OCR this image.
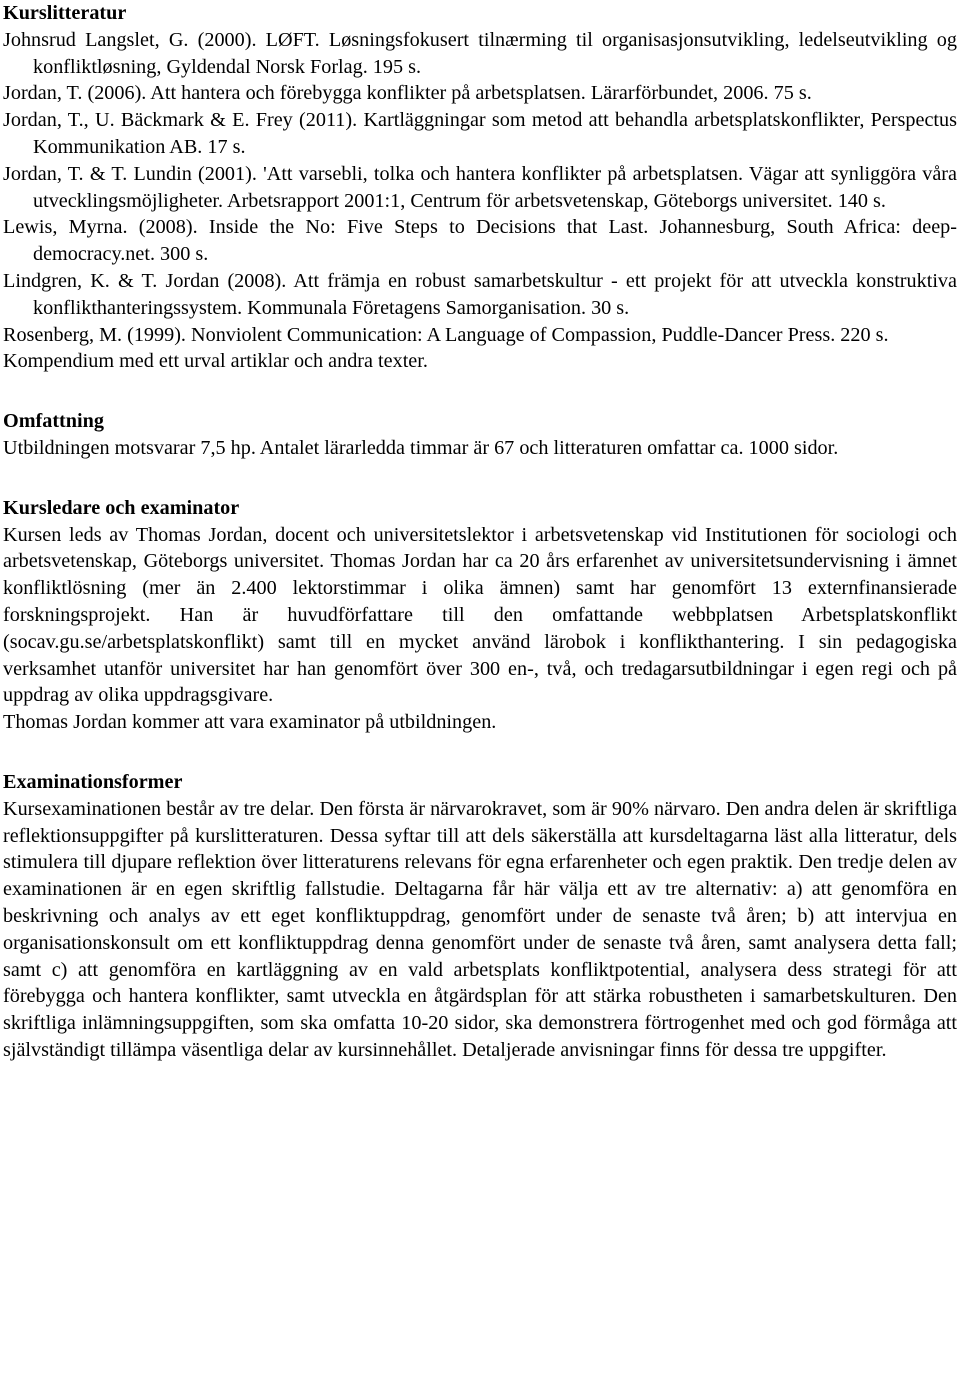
Kurslitteratur

Johnsrud Langslet, G. (2000). LØFT. Løsningsfokusert tilnærming til organisasjonsutvikling, ledelseutvikling og konfliktløsning, Gyldendal Norsk Forlag. 195 s.

Jordan, T. (2006). Att hantera och förebygga konflikter på arbetsplatsen. Lärarförbundet, 2006. 75 s.

Jordan, T., U. Bäckmark & E. Frey (2011). Kartläggningar som metod att behandla arbetsplatskonflikter, Perspectus Kommunikation AB. 17 s.

Jordan, T. & T. Lundin (2001). 'Att varsebli, tolka och hantera konflikter på arbetsplatsen. Vägar att synliggöra våra utvecklingsmöjligheter. Arbetsrapport 2001:1, Centrum för arbetsvetenskap, Göteborgs universitet. 140 s.

Lewis, Myrna. (2008). Inside the No: Five Steps to Decisions that Last. Johannesburg, South Africa: deep-democracy.net. 300 s.

Lindgren, K. & T. Jordan (2008). Att främja en robust samarbetskultur - ett projekt för att utveckla konstruktiva konflikthanteringssystem. Kommunala Företagens Samorganisation. 30 s.

Rosenberg, M. (1999). Nonviolent Communication: A Language of Compassion, Puddle-Dancer Press. 220 s.

Kompendium med ett urval artiklar och andra texter.

Omfattning

Utbildningen motsvarar 7,5 hp. Antalet lärarledda timmar är 67 och litteraturen omfattar ca. 1000 sidor.

Kursledare och examinator

Kursen leds av Thomas Jordan, docent och universitetslektor i arbetsvetenskap vid Institutionen för sociologi och arbetsvetenskap, Göteborgs universitet. Thomas Jordan har ca 20 års erfarenhet av universitetsundervisning i ämnet konfliktlösning (mer än 2.400 lektorstimmar i olika ämnen) samt har genomfört 13 externfinansierade forskningsprojekt. Han är huvudförfattare till den omfattande webbplatsen Arbetsplatskonflikt (socav.gu.se/arbetsplatskonflikt) samt till en mycket använd lärobok i konflikthantering. I sin pedagogiska verksamhet utanför universitet har han genomfört över 300 en-, två, och tredagarsutbildningar i egen regi och på uppdrag av olika uppdragsgivare.

Thomas Jordan kommer att vara examinator på utbildningen.

Examinationsformer

Kursexaminationen består av tre delar. Den första är närvarokravet, som är 90% närvaro. Den andra delen är skriftliga reflektionsuppgifter på kurslitteraturen. Dessa syftar till att dels säkerställa att kursdeltagarna läst alla litteratur, dels stimulera till djupare reflektion över litteraturens relevans för egna erfarenheter och egen praktik. Den tredje delen av examinationen är en egen skriftlig fallstudie. Deltagarna får här välja ett av tre alternativ: a) att genomföra en beskrivning och analys av ett eget konfliktuppdrag, genomfört under de senaste två åren; b) att intervjua en organisationskonsult om ett konfliktuppdrag denna genomfört under de senaste två åren, samt analysera detta fall; samt c) att genomföra en kartläggning av en vald arbetsplats konfliktpotential, analysera dess strategi för att förebygga och hantera konflikter, samt utveckla en åtgärdsplan för att stärka robustheten i samarbetskulturen. Den skriftliga inlämningsuppgiften, som ska omfatta 10-20 sidor, ska demonstrera förtrogenhet med och god förmåga att självständigt tillämpa väsentliga delar av kursinnehållet. Detaljerade anvisningar finns för dessa tre uppgifter.
